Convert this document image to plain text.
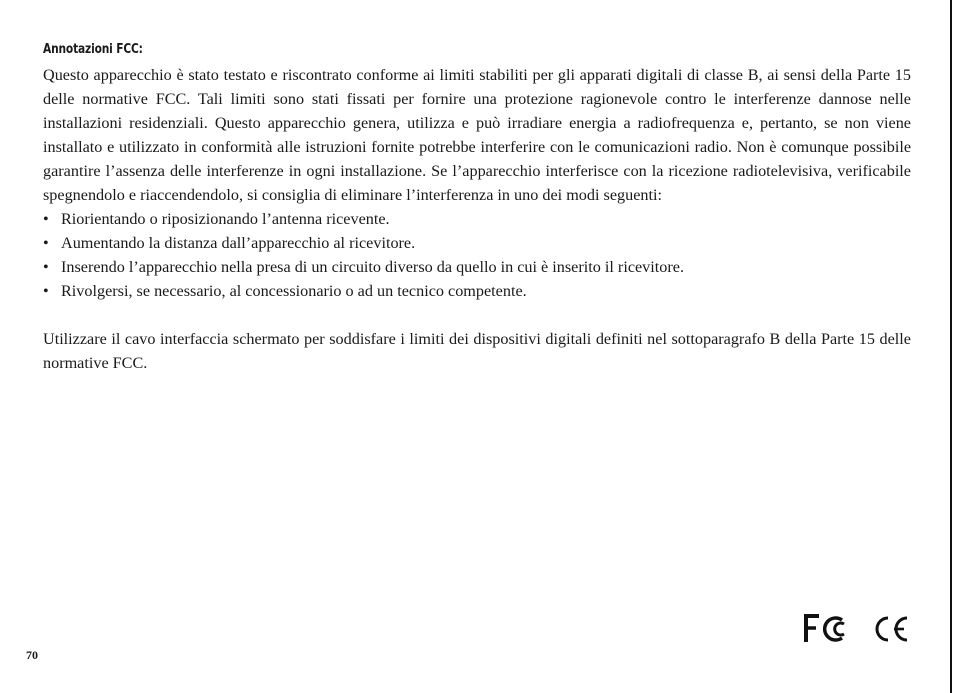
Annotazioni FCC:

Questo apparecchio è stato testato e riscontrato conforme ai limiti stabiliti per gli apparati digitali di classe B, ai sensi della Parte 15 delle normative FCC. Tali limiti sono stati fissati per fornire una protezione ragionevole contro le interferenze dannose nelle installazioni residenziali. Questo apparecchio genera, utilizza e può irradiare energia a radiofrequenza e, pertanto, se non viene installato e utilizzato in conformità alle istruzioni fornite potrebbe interferire con le comunicazioni radio. Non è comunque possibile garantire l’assenza delle interferenze in ogni installazione. Se l’apparecchio interferisce con la ricezione radiotelevisiva, verificabile spegnendolo e riaccendendolo, si consiglia di eliminare l’interferenza in uno dei modi seguenti:

• Riorientando o riposizionando l’antenna ricevente.
• Aumentando la distanza dall’apparecchio al ricevitore.
• Inserendo l’apparecchio nella presa di un circuito diverso da quello in cui è inserito il ricevitore.
• Rivolgersi, se necessario, al concessionario o ad un tecnico competente.

Utilizzare il cavo interfaccia schermato per soddisfare i limiti dei dispositivi digitali definiti nel sottoparagrafo B della Parte 15 delle normative FCC.

70
